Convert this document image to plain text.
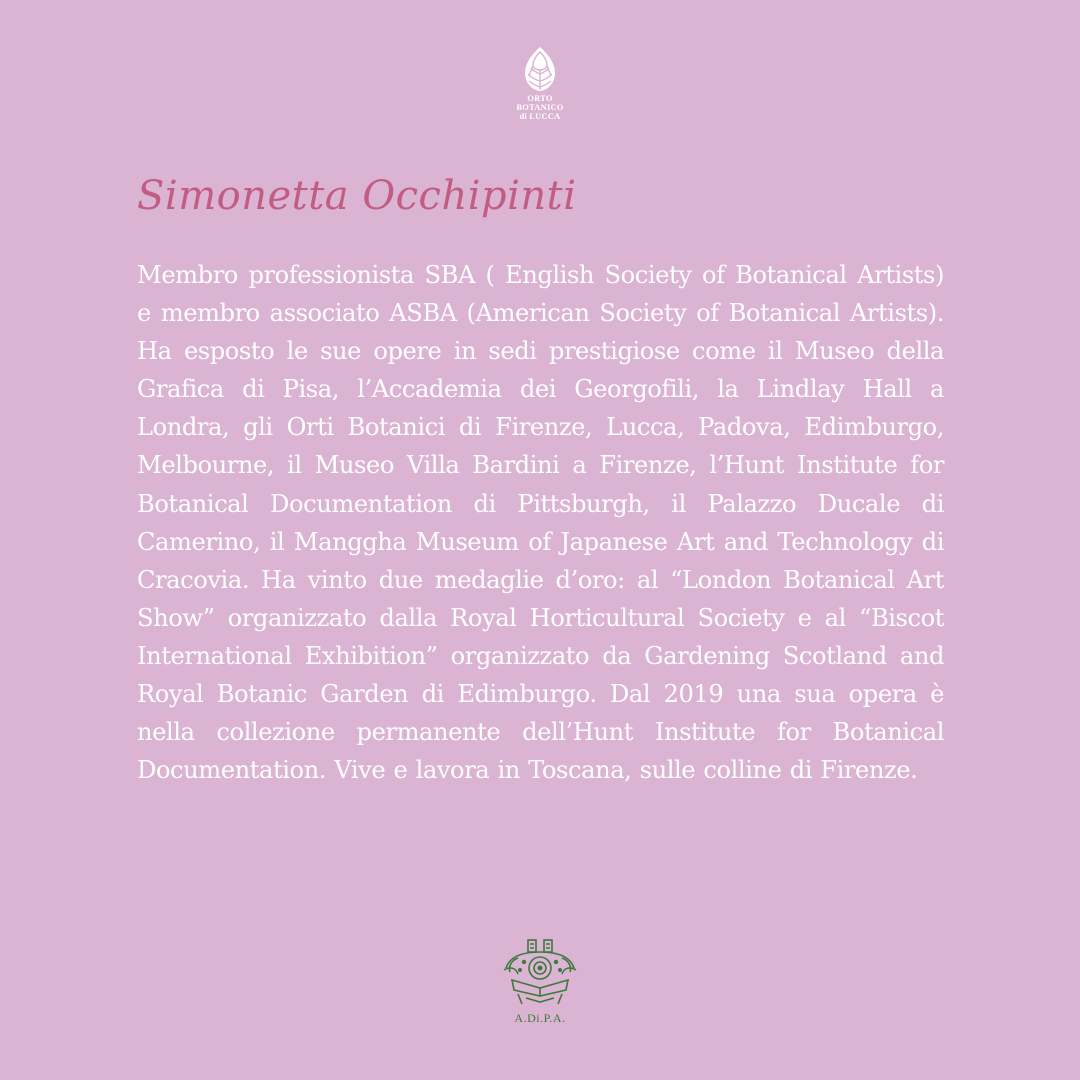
ORTO
BOTANICO
di LUCCA
Simonetta Occhipinti

Membro professionista SBA ( English Society of Botanical Artists) e membro associato ASBA (American Society of Botanical Artists). Ha esposto le sue opere in sedi prestigiose come il Museo della Grafica di Pisa, l’Accademia dei Georgofili, la Lindlay Hall a Londra, gli Orti Botanici di Firenze, Lucca, Padova, Edimburgo, Melbourne, il Museo Villa Bardini a Firenze, l’Hunt Institute for Botanical Documentation di Pittsburgh, il Palazzo Ducale di Camerino, il Manggha Museum of Japanese Art and Technology di Cracovia. Ha vinto due medaglie d’oro: al “London Botanical Art Show” organizzato dalla Royal Horticultural Society e al “Biscot International Exhibition” organizzato da Gardening Scotland and Royal Botanic Garden di Edimburgo. Dal 2019 una sua opera è nella collezione permanente dell’Hunt Institute for Botanical Documentation. Vive e lavora in Toscana, sulle colline di Firenze.

A.Di.P.A.
